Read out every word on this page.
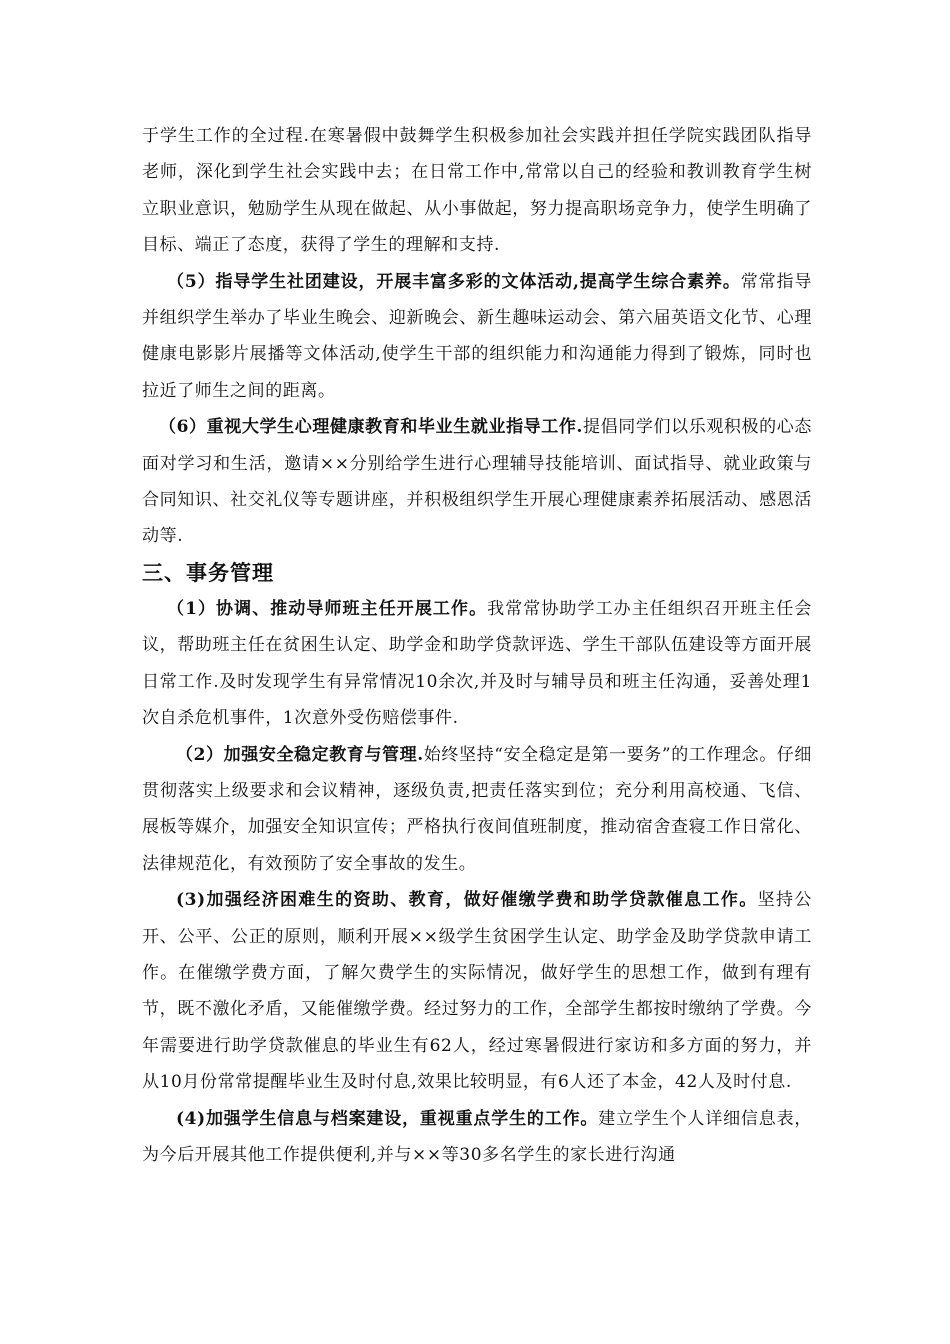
于学生工作的全过程.在寒暑假中鼓舞学生积极参加社会实践并担任学院实践团队指导老师，深化到学生社会实践中去；在日常工作中,常常以自己的经验和教训教育学生树立职业意识，勉励学生从现在做起、从小事做起，努力提高职场竞争力，使学生明确了目标、端正了态度，获得了学生的理解和支持.

（5）指导学生社团建设，开展丰富多彩的文体活动,提高学生综合素养。常常指导并组织学生举办了毕业生晚会、迎新晚会、新生趣味运动会、第六届英语文化节、心理健康电影影片展播等文体活动,使学生干部的组织能力和沟通能力得到了锻炼，同时也拉近了师生之间的距离。

（6）重视大学生心理健康教育和毕业生就业指导工作.提倡同学们以乐观积极的心态面对学习和生活，邀请××分别给学生进行心理辅导技能培训、面试指导、就业政策与合同知识、社交礼仪等专题讲座，并积极组织学生开展心理健康素养拓展活动、感恩活动等.

三、事务管理

（1）协调、推动导师班主任开展工作。我常常协助学工办主任组织召开班主任会议，帮助班主任在贫困生认定、助学金和助学贷款评选、学生干部队伍建设等方面开展日常工作.及时发现学生有异常情况10余次,并及时与辅导员和班主任沟通，妥善处理1次自杀危机事件，1次意外受伤赔偿事件.

（2）加强安全稳定教育与管理.始终坚持“安全稳定是第一要务”的工作理念。仔细贯彻落实上级要求和会议精神，逐级负责,把责任落实到位；充分利用高校通、飞信、展板等媒介，加强安全知识宣传；严格执行夜间值班制度，推动宿舍查寝工作日常化、法律规范化，有效预防了安全事故的发生。

(3)加强经济困难生的资助、教育，做好催缴学费和助学贷款催息工作。坚持公开、公平、公正的原则，顺利开展××级学生贫困学生认定、助学金及助学贷款申请工作。在催缴学费方面，了解欠费学生的实际情况，做好学生的思想工作，做到有理有节，既不激化矛盾，又能催缴学费。经过努力的工作，全部学生都按时缴纳了学费。今年需要进行助学贷款催息的毕业生有62人，经过寒暑假进行家访和多方面的努力，并从10月份常常提醒毕业生及时付息,效果比较明显，有6人还了本金，42人及时付息.

(4)加强学生信息与档案建设，重视重点学生的工作。建立学生个人详细信息表，为今后开展其他工作提供便利,并与××等30多名学生的家长进行沟通
